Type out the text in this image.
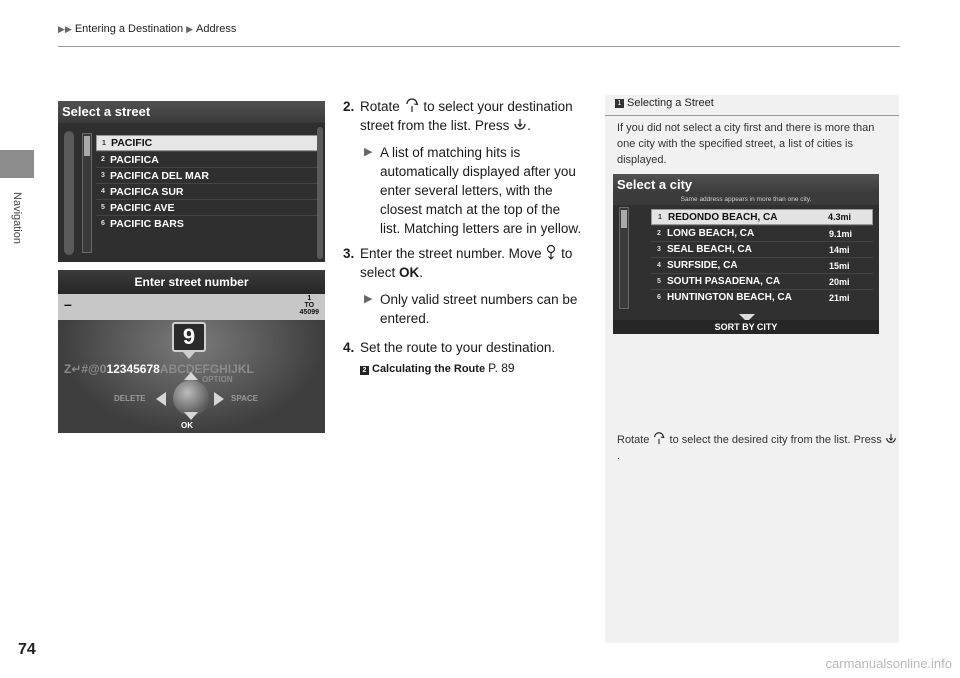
▶▶ Entering a Destination ▶ Address
Navigation
Select a street
1 PACIFIC
2 PACIFICA
3 PACIFICA DEL MAR
4 PACIFICA SUR
5 PACIFIC AVE
6 PACIFIC BARS
Enter street number
–	1
TO
45099
9
Z↵#@012345678ABCDEFGHIJKL
OPTION
DELETE	SPACE
OK
2. Rotate to select your destination street from the list. Press .
▶ A list of matching hits is automatically displayed after you enter several letters, with the closest match at the top of the list. Matching letters are in yellow.
3. Enter the street number. Move to select OK.
▶ Only valid street numbers can be entered.
4. Set the route to your destination.
2 Calculating the Route P. 89
1 Selecting a Street
If you did not select a city first and there is more than one city with the specified street, a list of cities is displayed.
Rotate to select the desired city from the list. Press .
Select a city
Same address appears in more than one city.
1 REDONDO BEACH, CA	4.3mi
2 LONG BEACH, CA	9.1mi
3 SEAL BEACH, CA	14mi
4 SURFSIDE, CA	15mi
5 SOUTH PASADENA, CA	20mi
6 HUNTINGTON BEACH, CA	21mi
SORT BY CITY
74
carmanualsonline.info
